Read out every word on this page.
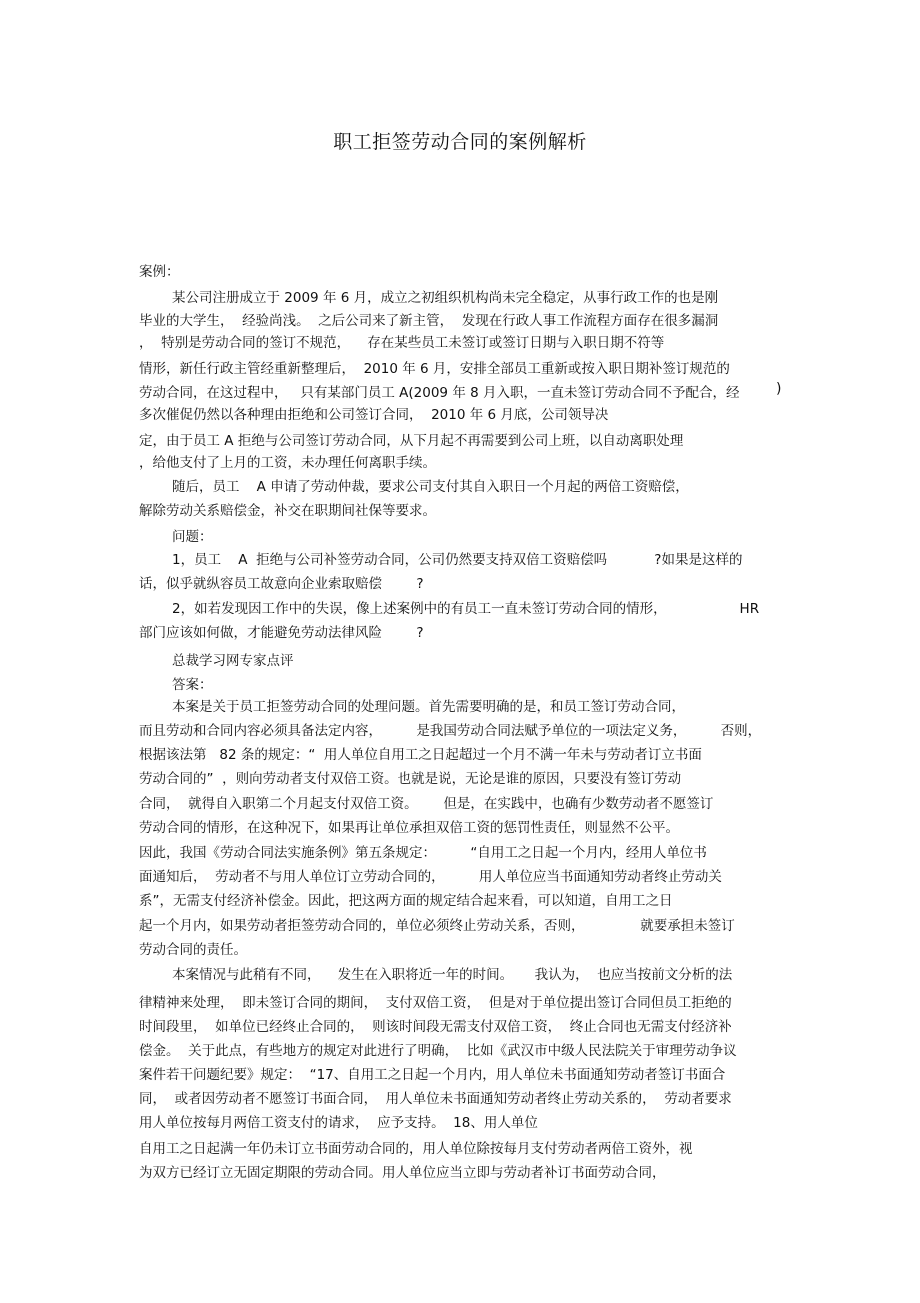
职工拒签劳动合同的案例解析
案例：
某公司注册成立于 2009 年 6 月，成立之初组织机构尚未完全稳定，从事行政工作的也是刚
毕业的大学生，  经验尚浅。  之后公司来了新主管，  发现在行政人事工作流程方面存在很多漏洞
，  特别是劳动合同的签订不规范，    存在某些员工未签订或签订日期与入职日期不符等
情形，新任行政主管经重新整理后，  2010 年 6 月，安排全部员工重新或按入职日期补签订规范的
劳动合同，在这过程中，   只有某部门员工 A(2009 年 8 月入职，一直未签订劳动合同不予配合，经
多次催促仍然以各种理由拒绝和公司签订合同，  2010 年 6 月底，公司领导决
定，由于员工 A 拒绝与公司签订劳动合同，从下月起不再需要到公司上班，以自动离职处理
，给他支付了上月的工资，未办理任何离职手续。
随后，员工    A 申请了劳动仲裁，要求公司支付其自入职日一个月起的两倍工资赔偿，
解除劳动关系赔偿金，补交在职期间社保等要求。
问题：
1，员工    A  拒绝与公司补签劳动合同，公司仍然要支持双倍工资赔偿吗           ?如果是这样的
话，似乎就纵容员工故意向企业索取赔偿        ?
2，如若发现因工作中的失误，像上述案例中的有员工一直未签订劳动合同的情形，                 HR
部门应该如何做，才能避免劳动法律风险        ?
总裁学习网专家点评
答案：
本案是关于员工拒签劳动合同的处理问题。首先需要明确的是，和员工签订劳动合同，
而且劳动和合同内容必须具备法定内容，        是我国劳动合同法赋予单位的一项法定义务，        否则，
根据该法第   82 条的规定：“  用人单位自用工之日起超过一个月不满一年未与劳动者订立书面
劳动合同的”  ，则向劳动者支付双倍工资。也就是说，无论是谁的原因，只要没有签订劳动
合同，  就得自入职第二个月起支付双倍工资。      但是，在实践中，也确有少数劳动者不愿签订
劳动合同的情形，在这种况下，如果再让单位承担双倍工资的惩罚性责任，则显然不公平。
因此，我国《劳动合同法实施条例》第五条规定：        “自用工之日起一个月内，经用人单位书
面通知后，  劳动者不与用人单位订立劳动合同的，        用人单位应当书面通知劳动者终止劳动关
系”，无需支付经济补偿金。因此，把这两方面的规定结合起来看，可以知道，自用工之日
起一个月内，如果劳动者拒签劳动合同的，单位必须终止劳动关系，否则，             就要承担未签订
劳动合同的责任。
本案情况与此稍有不同，    发生在入职将近一年的时间。     我认为，  也应当按前文分析的法
律精神来处理，  即未签订合同的期间，  支付双倍工资，  但是对于单位提出签订合同但员工拒绝的
时间段里，  如单位已经终止合同的，  则该时间段无需支付双倍工资，  终止合同也无需支付经济补
偿金。  关于此点，有些地方的规定对此进行了明确，  比如《武汉市中级人民法院关于审理劳动争议
案件若干问题纪要》规定：  “17、自用工之日起一个月内，用人单位未书面通知劳动者签订书面合
同，  或者因劳动者不愿签订书面合同，  用人单位未书面通知劳动者终止劳动关系的，  劳动者要求
用人单位按每月两倍工资支付的请求，  应予支持。  18、用人单位
自用工之日起满一年仍未订立书面劳动合同的，用人单位除按每月支付劳动者两倍工资外，视
为双方已经订立无固定期限的劳动合同。用人单位应当立即与劳动者补订书面劳动合同，
)
